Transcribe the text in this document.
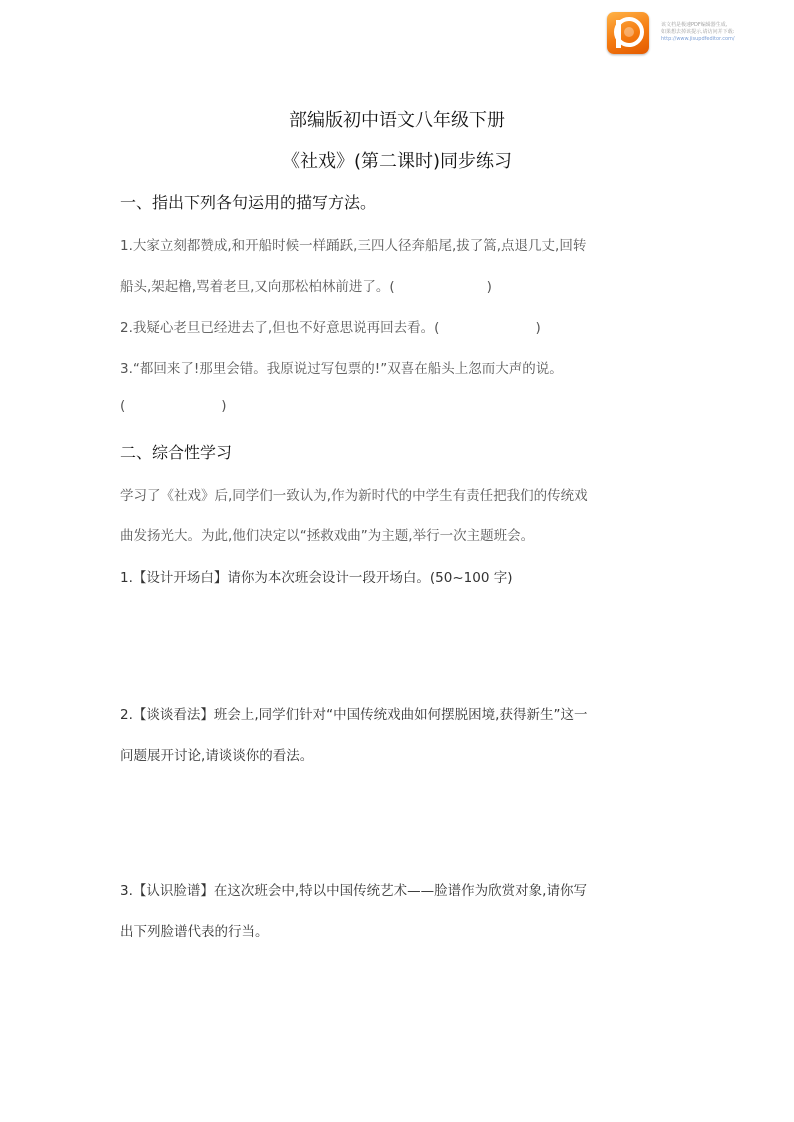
该文档是极速PDF编辑器生成,
如果想去掉该提示,请访问并下载:
http://www.jisupdfeditor.com/
部编版初中语文八年级下册
《社戏》(第二课时)同步练习
一、指出下列各句运用的描写方法。
1.大家立刻都赞成,和开船时候一样踊跃,三四人径奔船尾,拔了篙,点退几丈,回转
船头,架起橹,骂着老旦,又向那松柏林前进了。(	)
2.我疑心老旦已经进去了,但也不好意思说再回去看。(	)
3.“都回来了!那里会错。我原说过写包票的!”双喜在船头上忽而大声的说。
(	)
二、综合性学习
学习了《社戏》后,同学们一致认为,作为新时代的中学生有责任把我们的传统戏
曲发扬光大。为此,他们决定以“拯救戏曲”为主题,举行一次主题班会。
1.【设计开场白】请你为本次班会设计一段开场白。(50~100 字)
2.【谈谈看法】班会上,同学们针对“中国传统戏曲如何摆脱困境,获得新生”这一
问题展开讨论,请谈谈你的看法。
3.【认识脸谱】在这次班会中,特以中国传统艺术——脸谱作为欣赏对象,请你写
出下列脸谱代表的行当。
